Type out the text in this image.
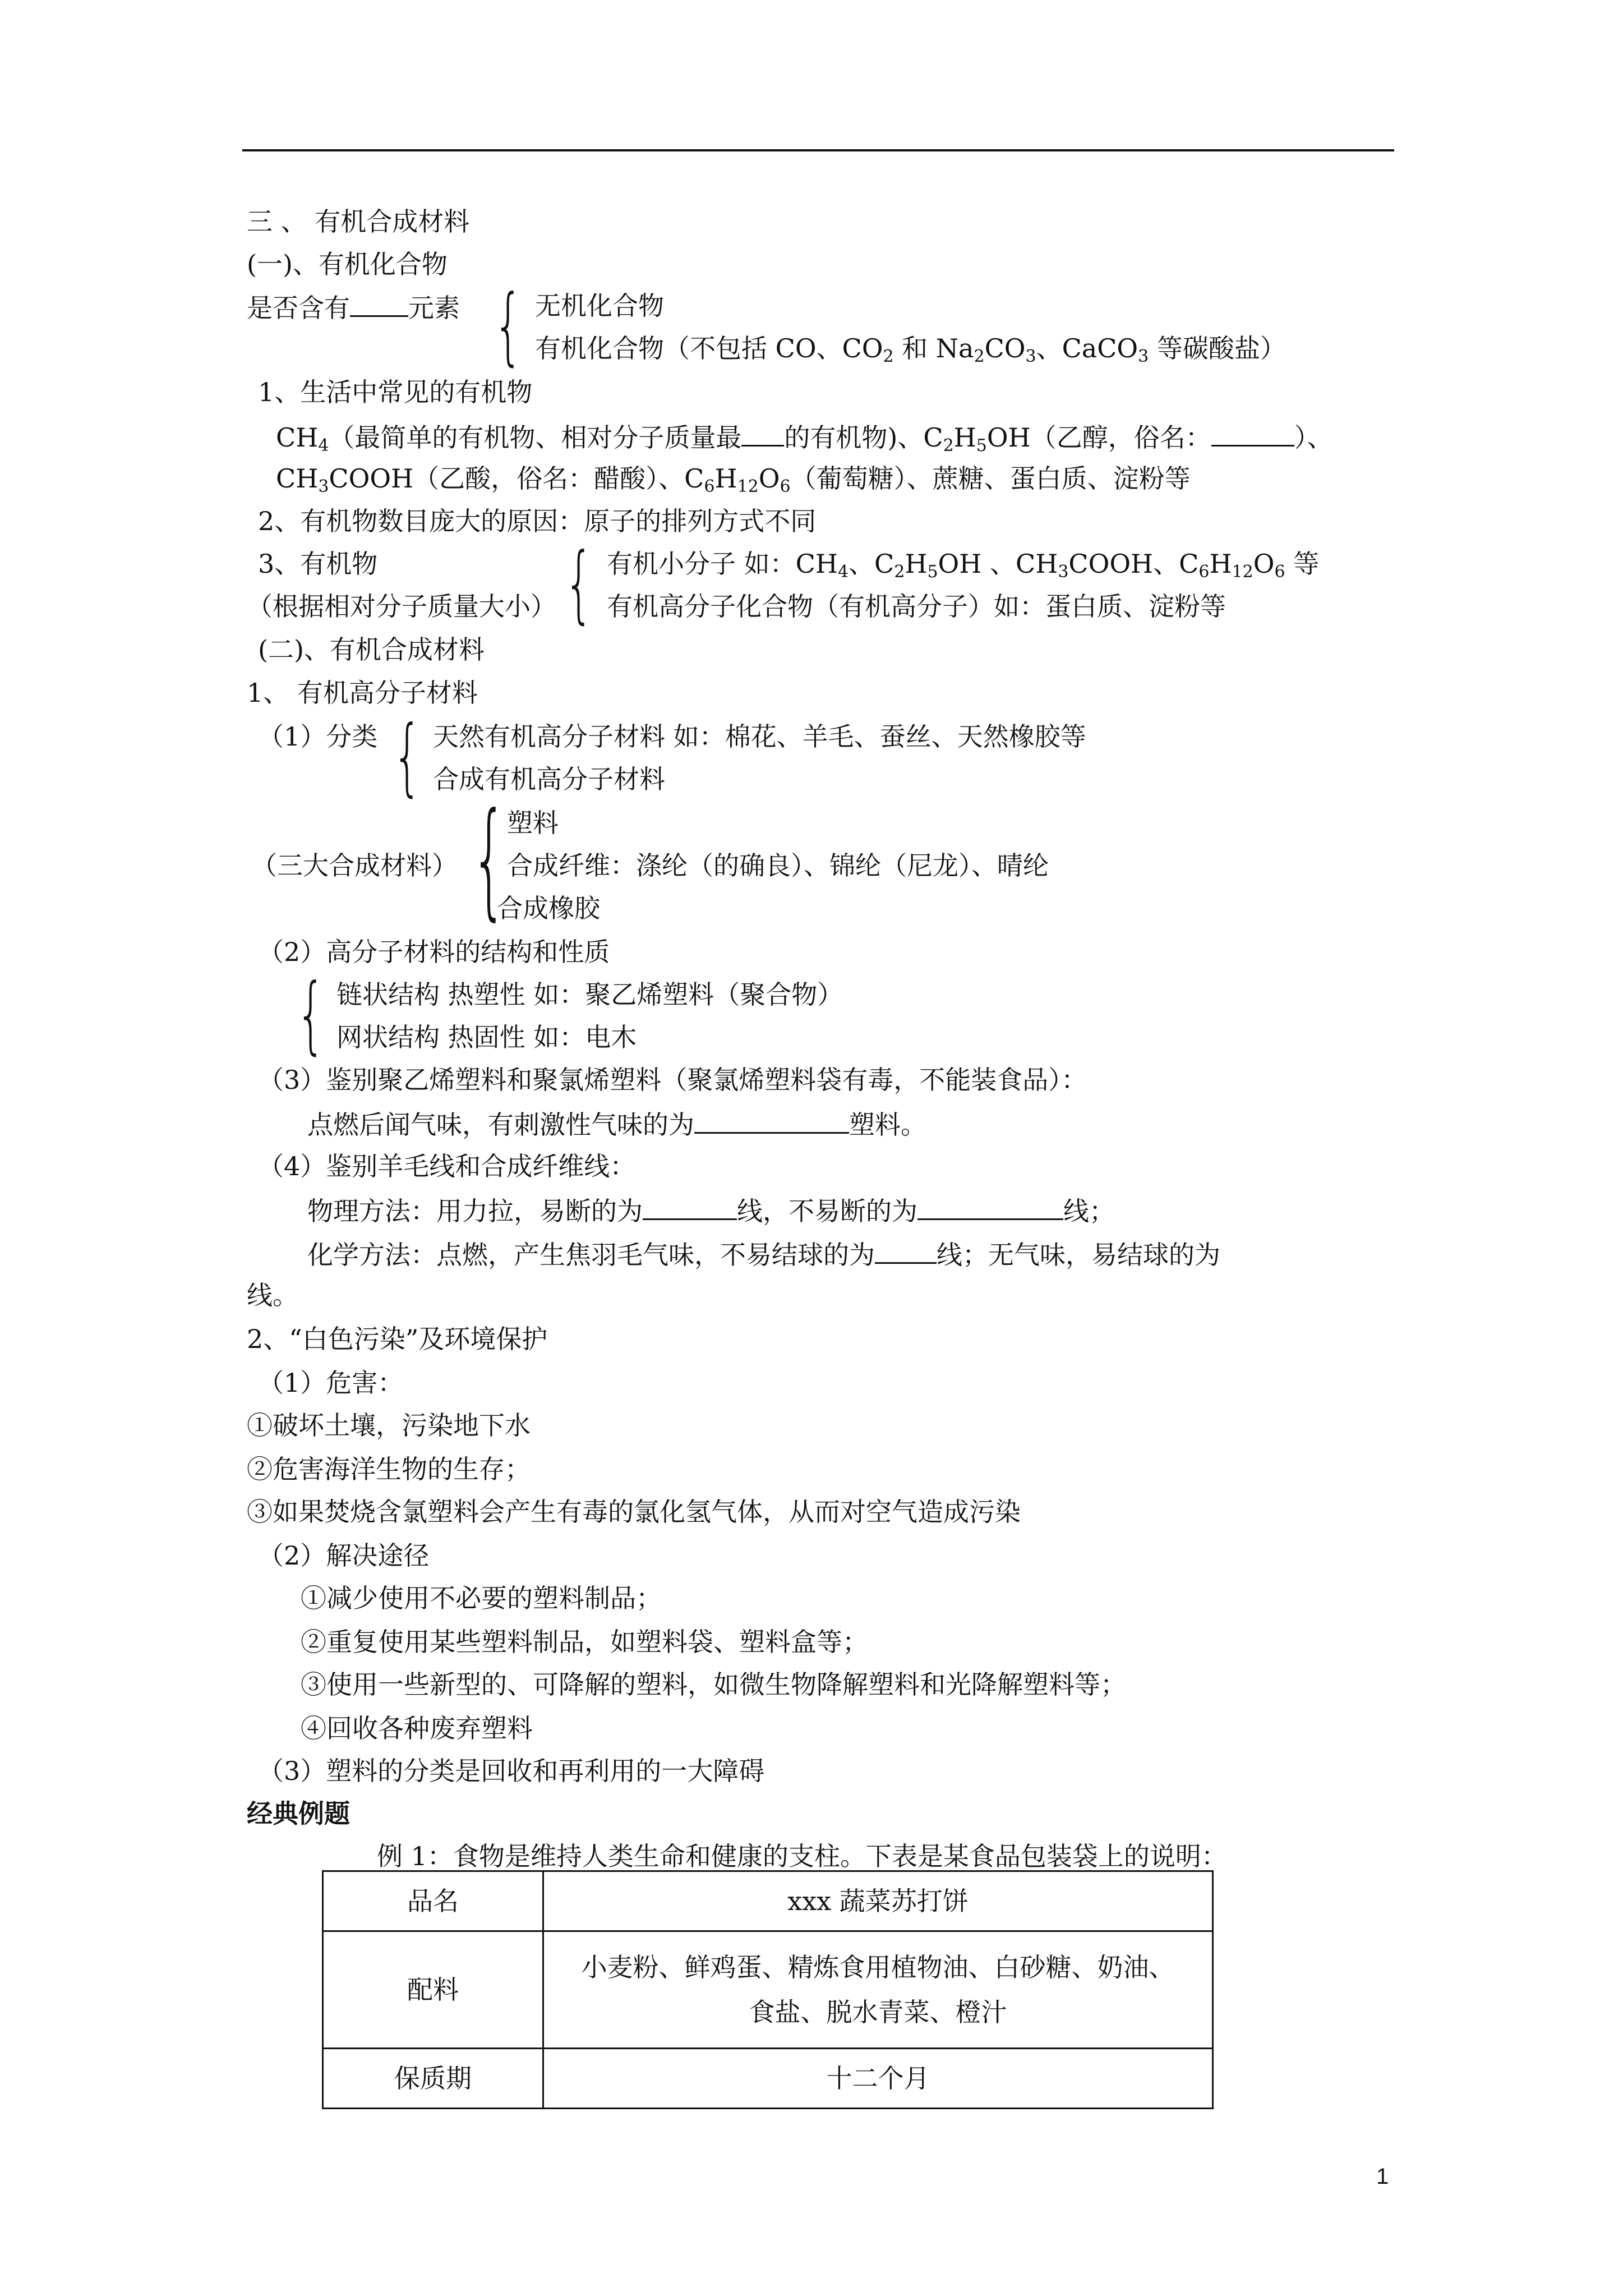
三 、 有机合成材料
(一)、有机化合物
是否含有 元素 { 无机化合物
有机化合物（不包括 CO、$CO_2$ 和 $Na_2CO_3$、CaCO$_3$ 等碳酸盐）
1、生活中常见的有机物
$CH_4$（最简单的有机物、相对分子质量最 的有机物)、$C_2H_5OH$（乙醇，俗名：	）、
$CH_3COOH$（乙酸，俗名：醋酸）、$C_6H_{12}O_6$（葡萄糖）、蔗糖、蛋白质、淀粉等
2、有机物数目庞大的原因：原子的排列方式不同
3、有机物
（根据相对分子质量大小） { 有机小分子 如：$CH_4$、$C_2H_5OH$ 、$CH_3COOH$、$C_6H_{12}O_6$ 等
有机高分子化合物（有机高分子）如：蛋白质、淀粉等
(二)、有机合成材料
1、 有机高分子材料
（1）分类 { 天然有机高分子材料 如：棉花、羊毛、蚕丝、天然橡胶等
合成有机高分子材料
（三大合成材料） { 塑料
合成纤维：涤纶（的确良）、锦纶（尼龙）、晴纶
合成橡胶
（2）高分子材料的结构和性质
{ 链状结构 热塑性 如：聚乙烯塑料（聚合物）
网状结构 热固性 如：电木
（3）鉴别聚乙烯塑料和聚氯烯塑料（聚氯烯塑料袋有毒，不能装食品）：
点燃后闻气味，有刺激性气味的为	塑料。
（4）鉴别羊毛线和合成纤维线：
物理方法：用力拉，易断的为	线，不易断的为	线；
化学方法：点燃，产生焦羽毛气味，不易结球的为 线；无气味，易结球的为
线。
2、“白色污染”及环境保护
（1）危害：
①破坏土壤，污染地下水
②危害海洋生物的生存；
③如果焚烧含氯塑料会产生有毒的氯化氢气体，从而对空气造成污染
（2）解决途径
①减少使用不必要的塑料制品；
②重复使用某些塑料制品，如塑料袋、塑料盒等；
③使用一些新型的、可降解的塑料，如微生物降解塑料和光降解塑料等；
④回收各种废弃塑料
（3）塑料的分类是回收和再利用的一大障碍
经典例题
例 1：食物是维持人类生命和健康的支柱。下表是某食品包装袋上的说明：
品名	xxx 蔬菜苏打饼
配料	小麦粉、鲜鸡蛋、精炼食用植物油、白砂糖、奶油、
食盐、脱水青菜、橙汁

保质期	十二个月
1
